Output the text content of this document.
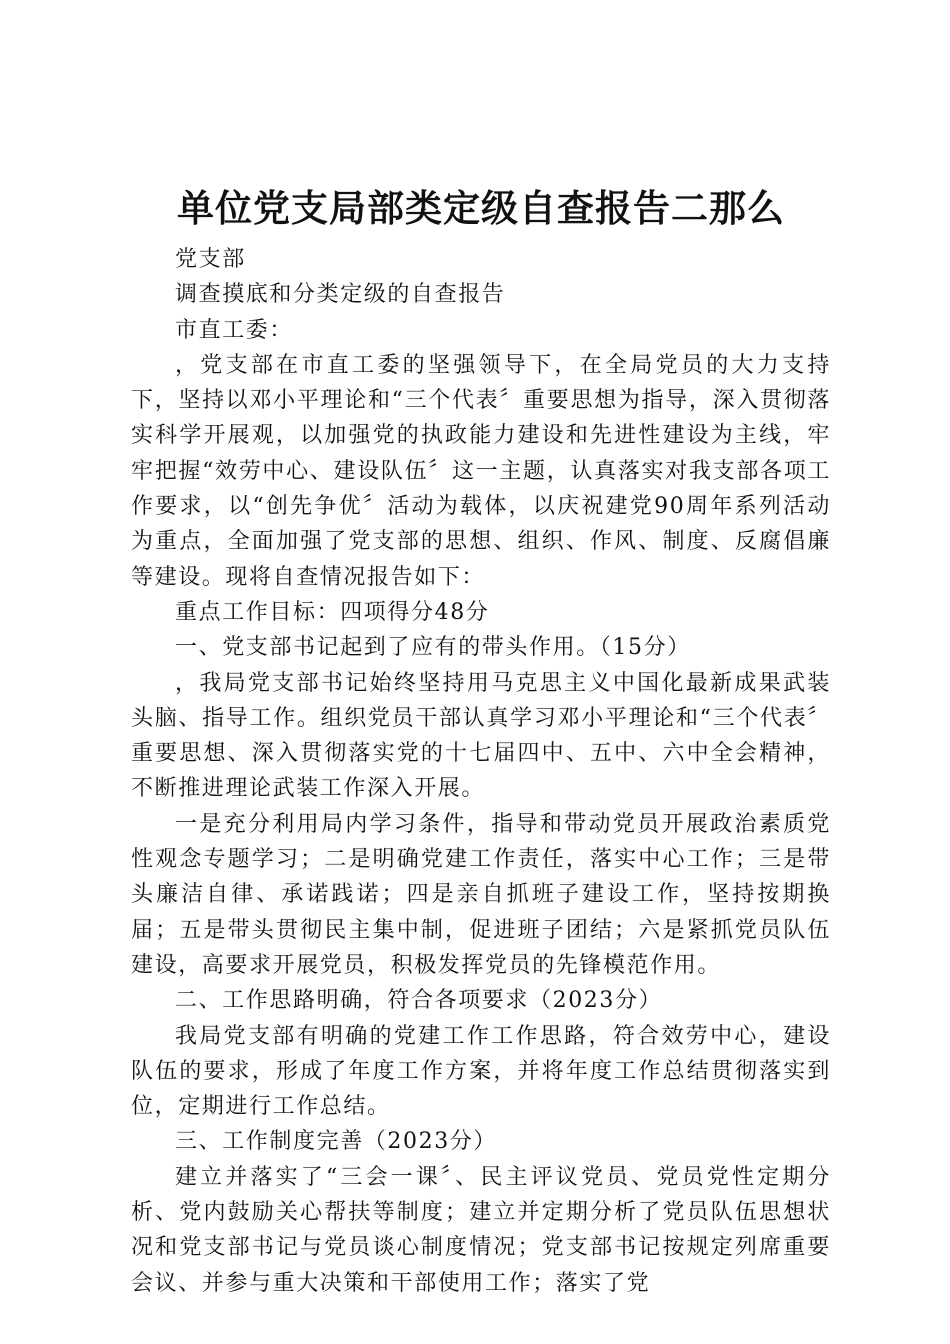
单位党支局部类定级自查报告二那么

党支部

调查摸底和分类定级的自查报告

市直工委：

，党支部在市直工委的坚强领导下，在全局党员的大力支持下，坚持以邓小平理论和“三个代表〞重要思想为指导，深入贯彻落实科学开展观，以加强党的执政能力建设和先进性建设为主线，牢牢把握“效劳中心、建设队伍〞这一主题，认真落实对我支部各项工作要求，以“创先争优〞活动为载体，以庆祝建党90周年系列活动为重点，全面加强了党支部的思想、组织、作风、制度、反腐倡廉等建设。现将自查情况报告如下：

重点工作目标：四项得分48分

一、党支部书记起到了应有的带头作用。（15分）

，我局党支部书记始终坚持用马克思主义中国化最新成果武装头脑、指导工作。组织党员干部认真学习邓小平理论和“三个代表〞重要思想、深入贯彻落实党的十七届四中、五中、六中全会精神，不断推进理论武装工作深入开展。

一是充分利用局内学习条件，指导和带动党员开展政治素质党性观念专题学习；二是明确党建工作责任，落实中心工作；三是带头廉洁自律、承诺践诺；四是亲自抓班子建设工作，坚持按期换届；五是带头贯彻民主集中制，促进班子团结；六是紧抓党员队伍建设，高要求开展党员，积极发挥党员的先锋模范作用。

二、工作思路明确，符合各项要求（2023分）

我局党支部有明确的党建工作工作思路，符合效劳中心，建设队伍的要求，形成了年度工作方案，并将年度工作总结贯彻落实到位，定期进行工作总结。

三、工作制度完善（2023分）

建立并落实了“三会一课〞、民主评议党员、党员党性定期分析、党内鼓励关心帮扶等制度；建立并定期分析了党员队伍思想状况和党支部书记与党员谈心制度情况；党支部书记按规定列席重要会议、并参与重大决策和干部使用工作；落实了党
